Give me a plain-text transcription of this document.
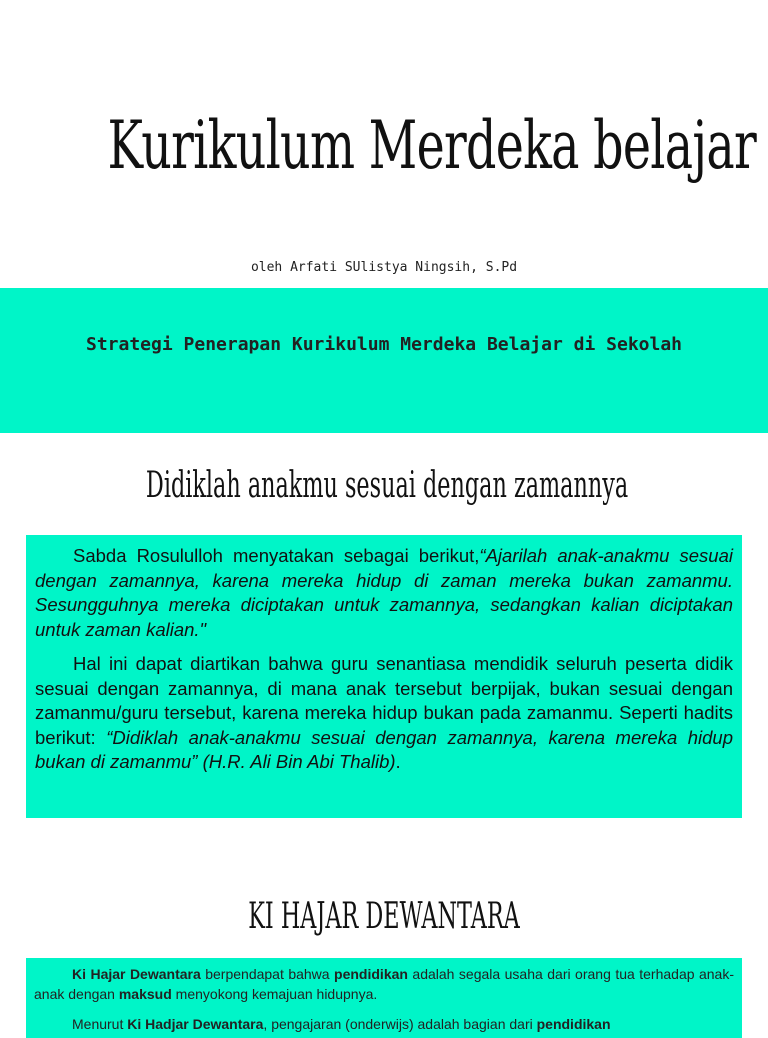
Kurikulum Merdeka belajar
oleh Arfati SUlistya Ningsih, S.Pd
Strategi Penerapan Kurikulum Merdeka Belajar di Sekolah
Didiklah anakmu sesuai dengan zamannya

Sabda Rosululloh menyatakan sebagai berikut,“Ajarilah anak-anakmu sesuai dengan zamannya, karena mereka hidup di zaman mereka bukan zamanmu. Sesungguhnya mereka diciptakan untuk zamannya, sedangkan kalian diciptakan untuk zaman kalian."

Hal ini dapat diartikan bahwa guru senantiasa mendidik seluruh peserta didik sesuai dengan zamannya, di mana anak tersebut berpijak, bukan sesuai dengan zamanmu/guru tersebut, karena mereka hidup bukan pada zamanmu. Seperti hadits berikut: “Didiklah anak-anakmu sesuai dengan zamannya, karena mereka hidup bukan di zamanmu” (H.R. Ali Bin Abi Thalib).

KI HAJAR DEWANTARA

Ki Hajar Dewantara berpendapat bahwa pendidikan adalah segala usaha dari orang tua terhadap anak-anak dengan maksud menyokong kemajuan hidupnya.

Menurut Ki Hadjar Dewantara, pengajaran (onderwijs) adalah bagian dari pendidikan
